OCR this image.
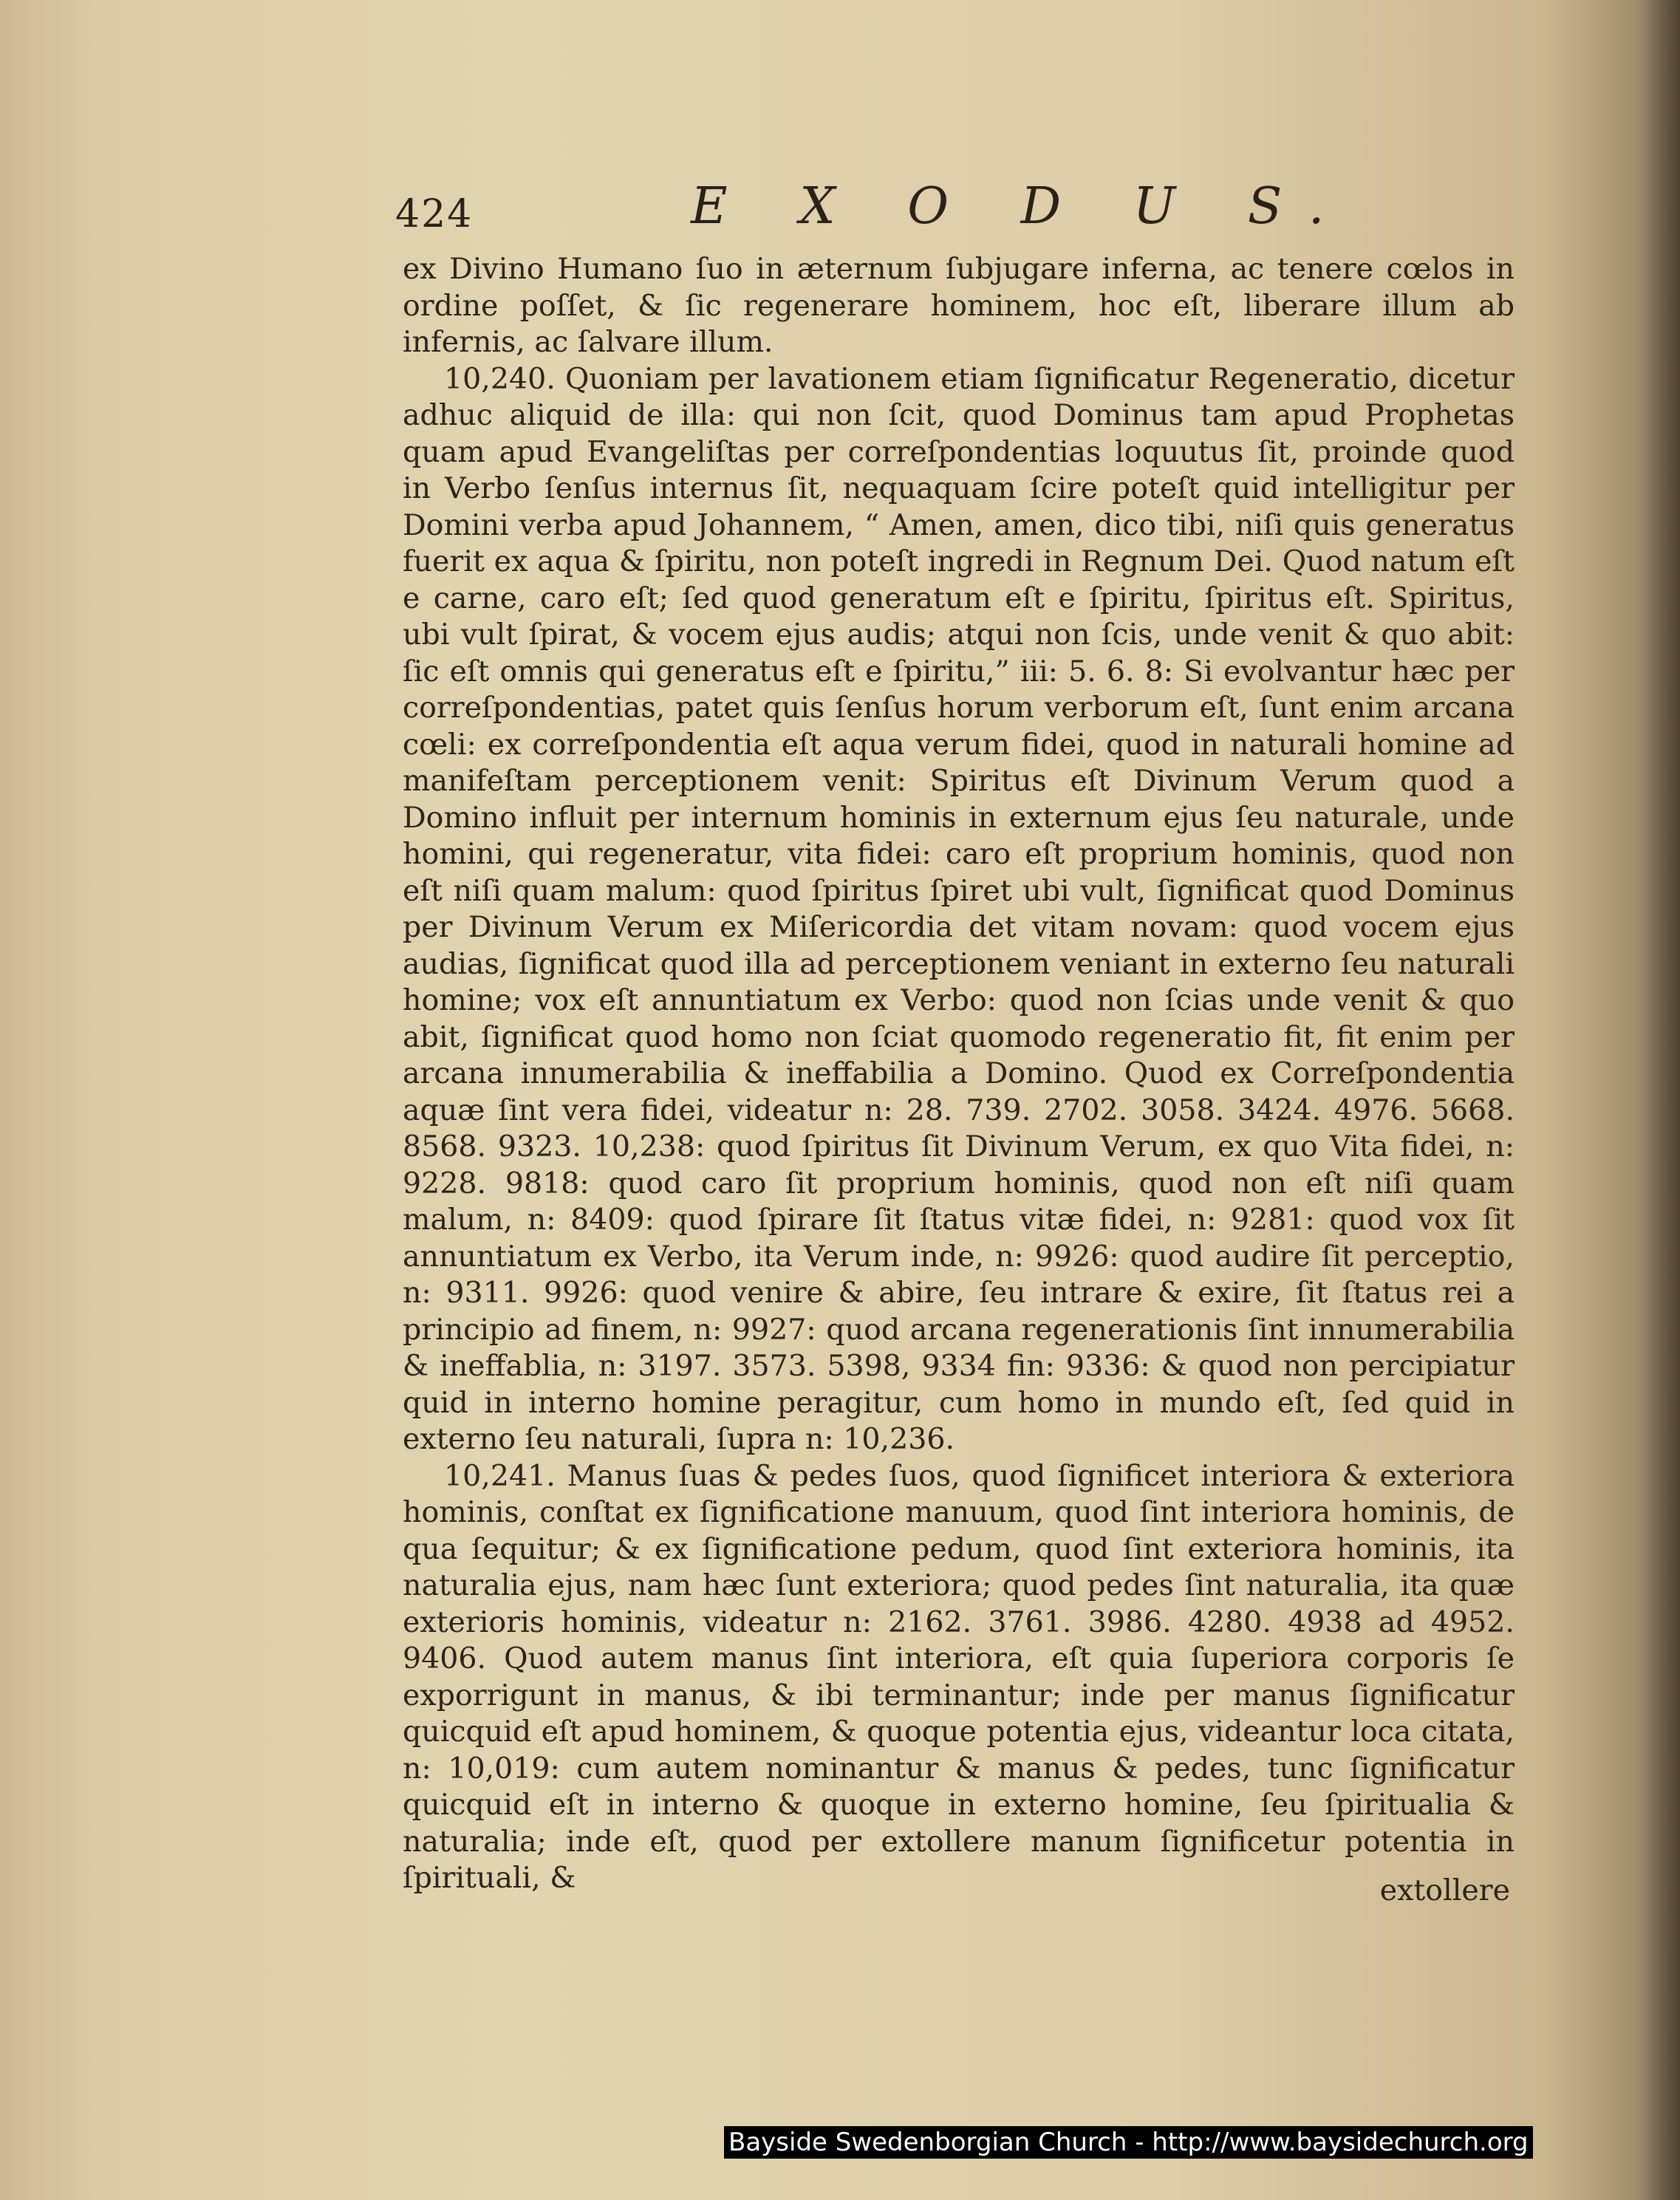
424	E X O D U S.

ex Divino Humano ſuo in æternum ſubjugare inferna, ac tenere cœlos in ordine poſſet, & ſic regenerare hominem, hoc eſt, liberare illum ab infernis, ac ſalvare illum.

10,240. Quoniam per lavationem etiam ſignificatur Regeneratio, dicetur adhuc aliquid de illa: qui non ſcit, quod Dominus tam apud Prophetas quam apud Evangeliſtas per correſpondentias loquutus ſit, proinde quod in Verbo ſenſus internus ſit, nequaquam ſcire poteſt quid intelligitur per Domini verba apud Johannem, “ Amen, amen, dico tibi, niſi quis generatus fuerit ex aqua & ſpiritu, non poteſt ingredi in Regnum Dei. Quod natum eſt e carne, caro eſt; ſed quod generatum eſt e ſpiritu, ſpiritus eſt. Spiritus, ubi vult ſpirat, & vocem ejus audis; atqui non ſcis, unde venit & quo abit: ſic eſt omnis qui generatus eſt e ſpiritu,” iii: 5. 6. 8: Si evolvantur hæc per correſpondentias, patet quis ſenſus horum verborum eſt, ſunt enim arcana cœli: ex correſpondentia eſt aqua verum fidei, quod in naturali homine ad manifeſtam perceptionem venit: Spiritus eſt Divinum Verum quod a Domino influit per internum hominis in externum ejus ſeu naturale, unde homini, qui regeneratur, vita fidei: caro eſt proprium hominis, quod non eſt niſi quam malum: quod ſpiritus ſpiret ubi vult, ſignificat quod Dominus per Divinum Verum ex Miſericordia det vitam novam: quod vocem ejus audias, ſignificat quod illa ad perceptionem veniant in externo ſeu naturali homine; vox eſt annuntiatum ex Verbo: quod non ſcias unde venit & quo abit, ſignificat quod homo non ſciat quomodo regeneratio fit, fit enim per arcana innumerabilia & ineffabilia a Domino. Quod ex Correſpondentia aquæ ſint vera fidei, videatur n: 28. 739. 2702. 3058. 3424. 4976. 5668. 8568. 9323. 10,238: quod ſpiritus ſit Divinum Verum, ex quo Vita fidei, n: 9228. 9818: quod caro ſit proprium hominis, quod non eſt niſi quam malum, n: 8409: quod ſpirare ſit ſtatus vitæ fidei, n: 9281: quod vox ſit annuntiatum ex Verbo, ita Verum inde, n: 9926: quod audire ſit perceptio, n: 9311. 9926: quod venire & abire, ſeu intrare & exire, ſit ſtatus rei a principio ad finem, n: 9927: quod arcana regenerationis ſint innumerabilia & ineffablia, n: 3197. 3573. 5398, 9334 fin: 9336: & quod non percipiatur quid in interno homine peragitur, cum homo in mundo eſt, ſed quid in externo ſeu naturali, ſupra n: 10,236.

10,241. Manus ſuas & pedes ſuos, quod ſignificet interiora & exteriora hominis, conſtat ex ſignificatione manuum, quod ſint interiora hominis, de qua ſequitur; & ex ſignificatione pedum, quod ſint exteriora hominis, ita naturalia ejus, nam hæc ſunt exteriora; quod pedes ſint naturalia, ita quæ exterioris hominis, videatur n: 2162. 3761. 3986. 4280. 4938 ad 4952. 9406. Quod autem manus ſint interiora, eſt quia ſuperiora corporis ſe exporrigunt in manus, & ibi terminantur; inde per manus ſignificatur quicquid eſt apud hominem, & quoque potentia ejus, videantur loca citata, n: 10,019: cum autem nominantur & manus & pedes, tunc ſignificatur quicquid eſt in interno & quoque in externo homine, ſeu ſpiritualia & naturalia; inde eſt, quod per extollere manum ſignificetur potentia in ſpirituali, &	extollere
Bayside Swedenborgian Church - http://www.baysidechurch.org
